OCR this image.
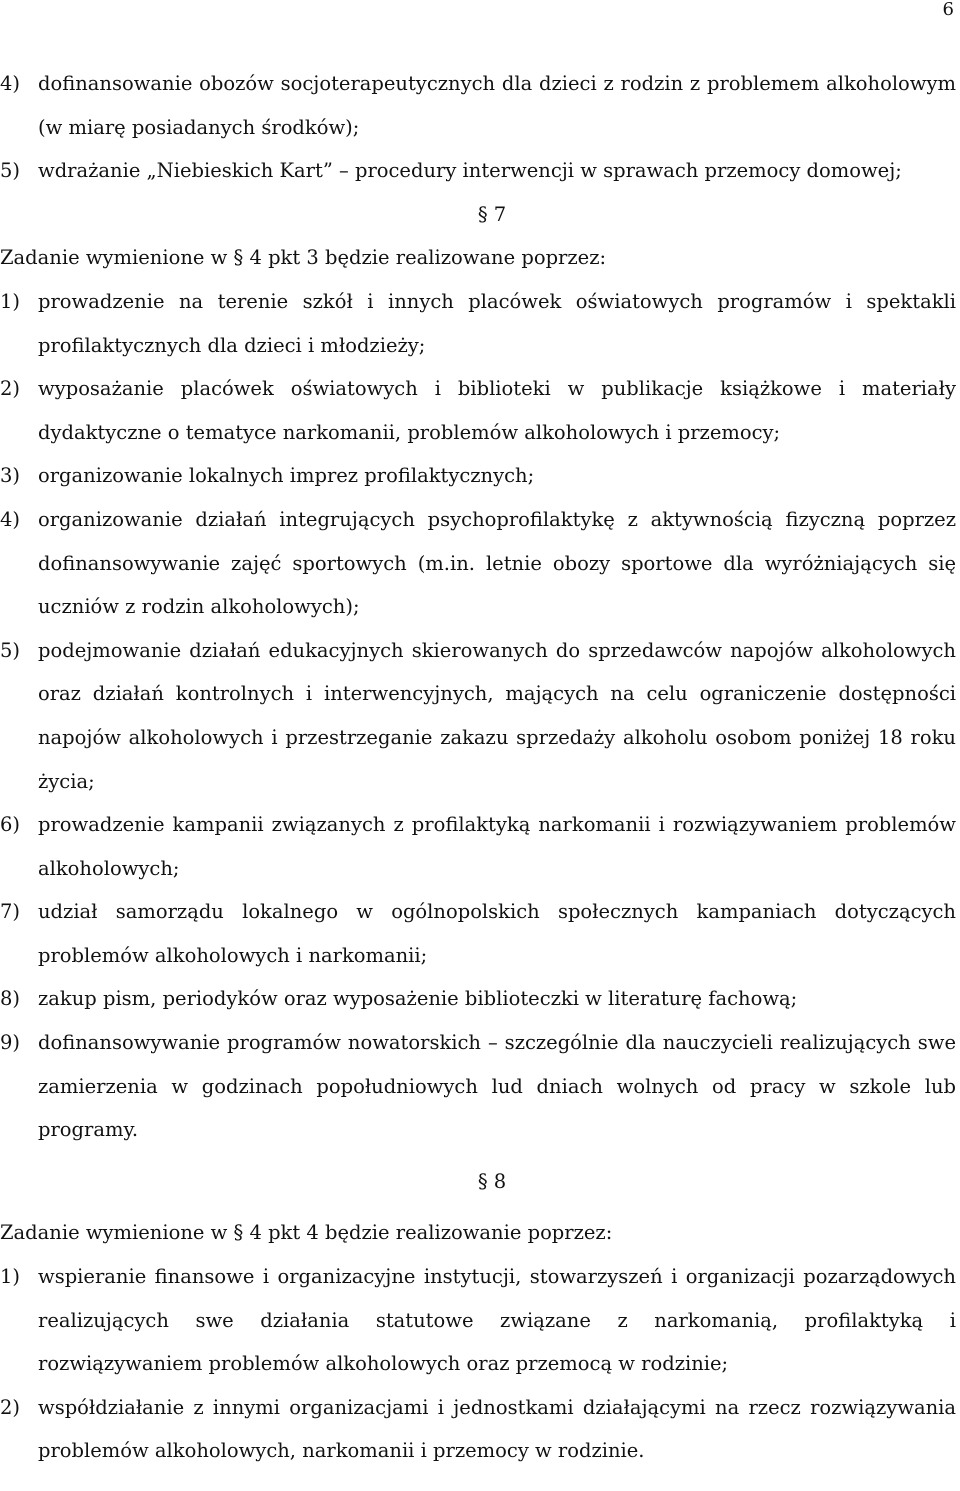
6
4) dofinansowanie obozów socjoterapeutycznych dla dzieci z rodzin z problemem alkoholowym (w miarę posiadanych środków);
5) wdrażanie „Niebieskich Kart” – procedury interwencji w sprawach przemocy domowej;
§ 7
Zadanie wymienione w § 4 pkt 3 będzie realizowane poprzez:
1) prowadzenie na terenie szkół i innych placówek oświatowych programów i spektakli profilaktycznych dla dzieci i młodzieży;
2) wyposażanie placówek oświatowych i biblioteki w publikacje książkowe i materiały dydaktyczne o tematyce narkomanii, problemów alkoholowych i przemocy;
3) organizowanie lokalnych imprez profilaktycznych;
4) organizowanie działań integrujących psychoprofilaktykę z aktywnością fizyczną poprzez dofinansowywanie zajęć sportowych (m.in. letnie obozy sportowe dla wyróżniających się uczniów z rodzin alkoholowych);
5) podejmowanie działań edukacyjnych skierowanych do sprzedawców napojów alkoholowych oraz działań kontrolnych i interwencyjnych, mających na celu ograniczenie dostępności napojów alkoholowych i przestrzeganie zakazu sprzedaży alkoholu osobom poniżej 18 roku życia;
6) prowadzenie kampanii związanych z profilaktyką narkomanii i rozwiązywaniem problemów alkoholowych;
7) udział samorządu lokalnego w ogólnopolskich społecznych kampaniach dotyczących problemów alkoholowych i narkomanii;
8) zakup pism, periodyków oraz wyposażenie biblioteczki w literaturę fachową;
9) dofinansowywanie programów nowatorskich – szczególnie dla nauczycieli realizujących swe zamierzenia w godzinach popołudniowych lud dniach wolnych od pracy w szkole lub programy.
§ 8
Zadanie wymienione w § 4 pkt 4 będzie realizowanie poprzez:
1) wspieranie finansowe i organizacyjne instytucji, stowarzyszeń i organizacji pozarządowych realizujących swe działania statutowe związane z narkomanią, profilaktyką i rozwiązywaniem problemów alkoholowych oraz przemocą w rodzinie;
2) współdziałanie z innymi organizacjami i jednostkami działającymi na rzecz rozwiązywania problemów alkoholowych, narkomanii i przemocy w rodzinie.
